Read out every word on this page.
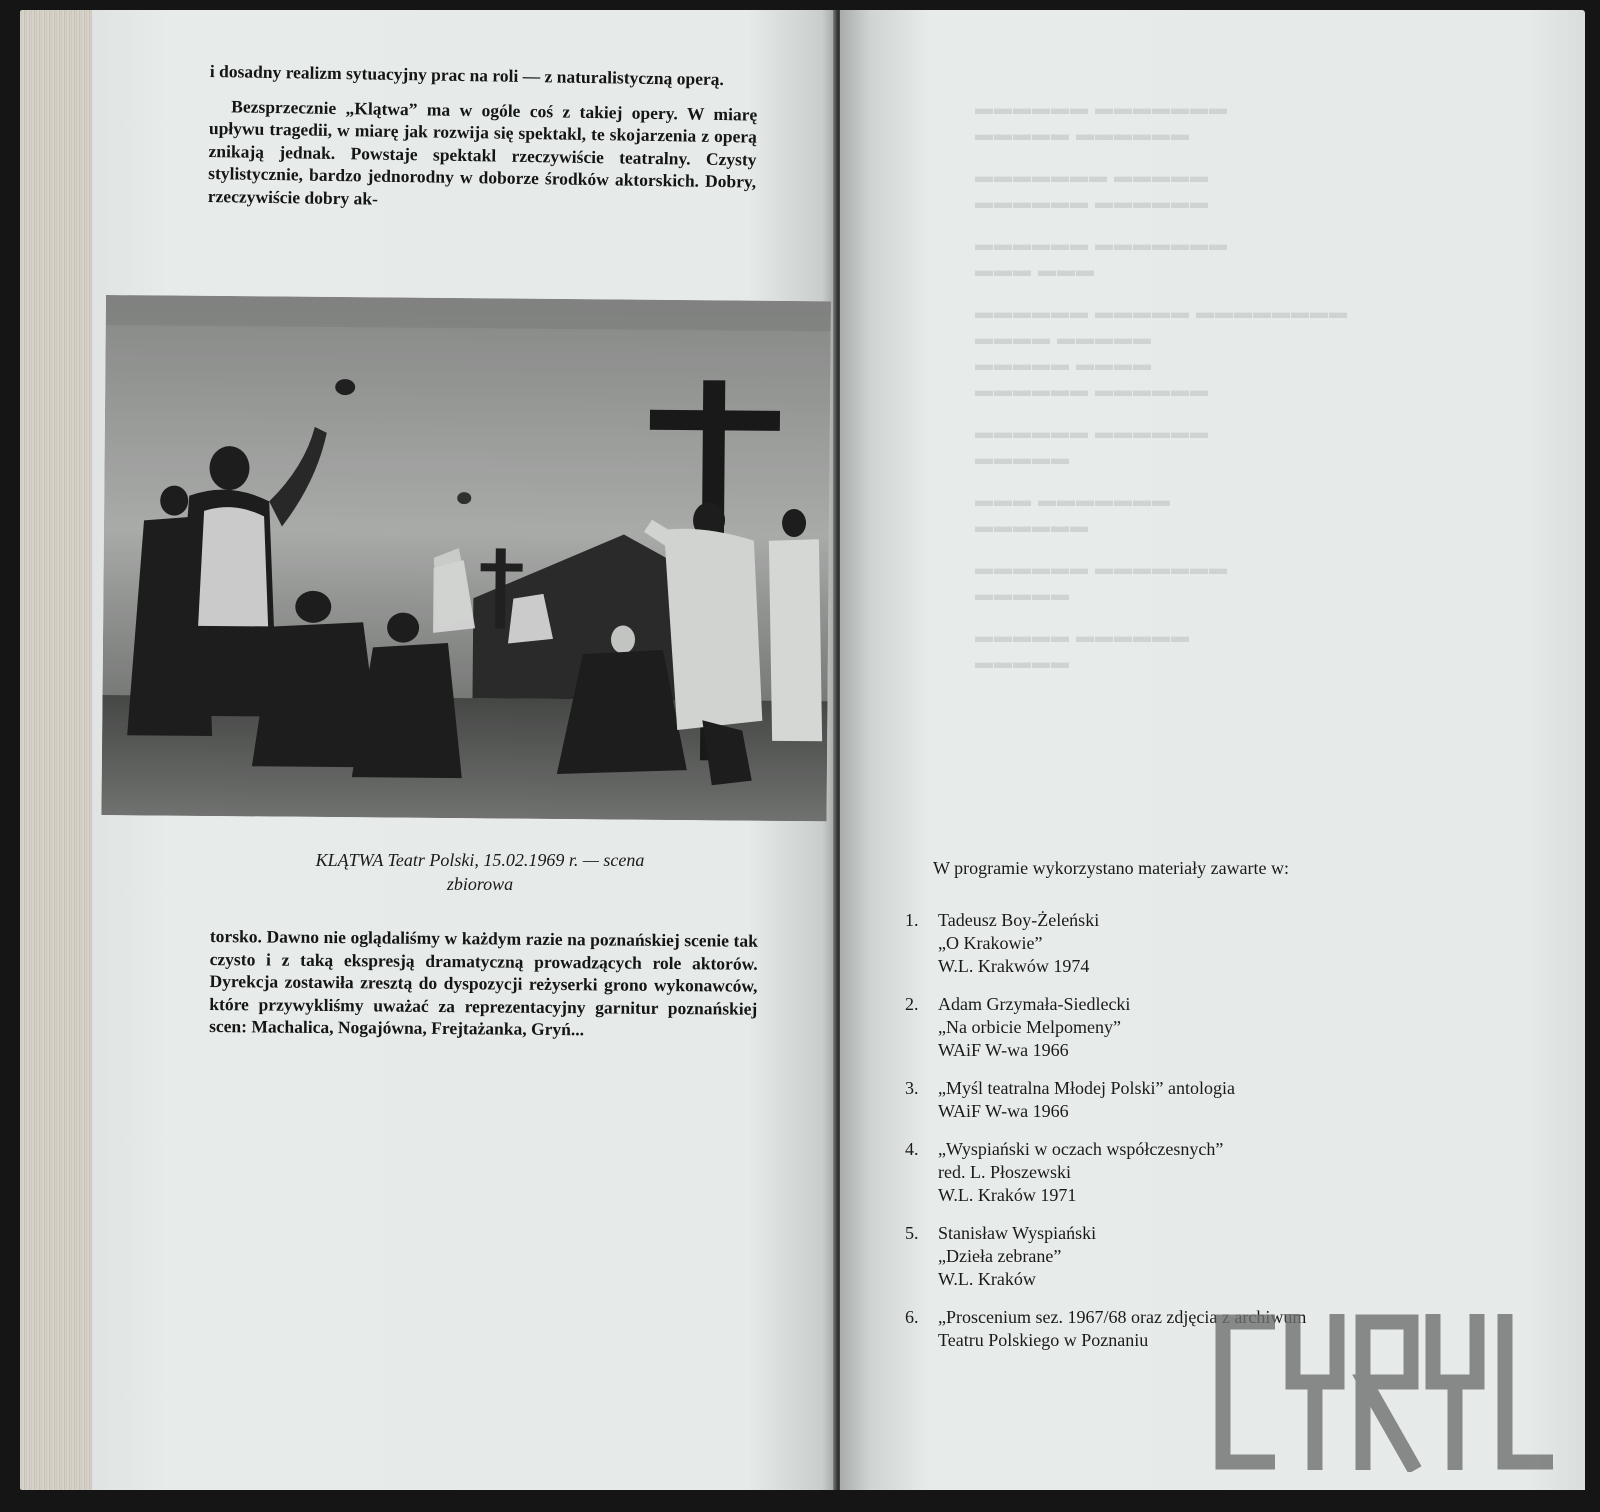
i dosadny realizm sytuacyjny prac na roli — z naturalistyczną operą.

Bezsprzecznie „Klątwa” ma w ogóle coś z takiej opery. W miarę upływu tragedii, w miarę jak rozwija się spektakl, te skojarzenia z operą znikają jednak. Powstaje spektakl rzeczywiście teatralny. Czysty stylistycznie, bardzo jednorodny w doborze środków aktorskich. Dobry, rzeczywiście dobry ak-

KLĄTWA Teatr Polski, 15.02.1969 r. — scena
zbiorowa

torsko. Dawno nie oglądaliśmy w każdym razie na poznańskiej scenie tak czysto i z taką ekspresją dramatyczną prowadzących role aktorów. Dyrekcja zostawiła zresztą do dyspozycji reżyserki grono wykonawców, które przywykliśmy uważać za reprezentacyjny garnitur poznańskiej scen: Machalica, Nogajówna, Frejtażanka, Gryń...

▬▬▬▬▬▬ ▬▬▬▬▬▬▬
▬▬▬▬▬ ▬▬▬▬▬▬
▬▬▬▬▬▬▬ ▬▬▬▬▬
▬▬▬▬▬▬ ▬▬▬▬▬▬
▬▬▬▬▬▬ ▬▬▬▬▬▬▬
▬▬▬ ▬▬▬
▬▬▬▬▬▬ ▬▬▬▬▬ ▬▬▬▬▬▬▬▬
▬▬▬▬ ▬▬▬▬▬
▬▬▬▬▬ ▬▬▬▬
▬▬▬▬▬▬ ▬▬▬▬▬▬
▬▬▬▬▬▬ ▬▬▬▬▬▬
▬▬▬▬▬
▬▬▬ ▬▬▬▬▬▬▬
▬▬▬▬▬▬
▬▬▬▬▬▬ ▬▬▬▬▬▬▬
▬▬▬▬▬
▬▬▬▬▬ ▬▬▬▬▬▬
▬▬▬▬▬
W programie wykorzystano materiały zawarte w:
1.	Tadeusz Boy-Żeleński
„O Krakowie”
W.L. Krakwów 1974
2.	Adam Grzymała-Siedlecki
„Na orbicie Melpomeny”
WAiF W-wa 1966
3.	„Myśl teatralna Młodej Polski” antologia
WAiF W-wa 1966
4.	„Wyspiański w oczach współczesnych”
red. L. Płoszewski
W.L. Kraków 1971
5.	Stanisław Wyspiański
„Dzieła zebrane”
W.L. Kraków
6.	„Proscenium sez. 1967/68 oraz zdjęcia z archiwum
Teatru Polskiego w Poznaniu
